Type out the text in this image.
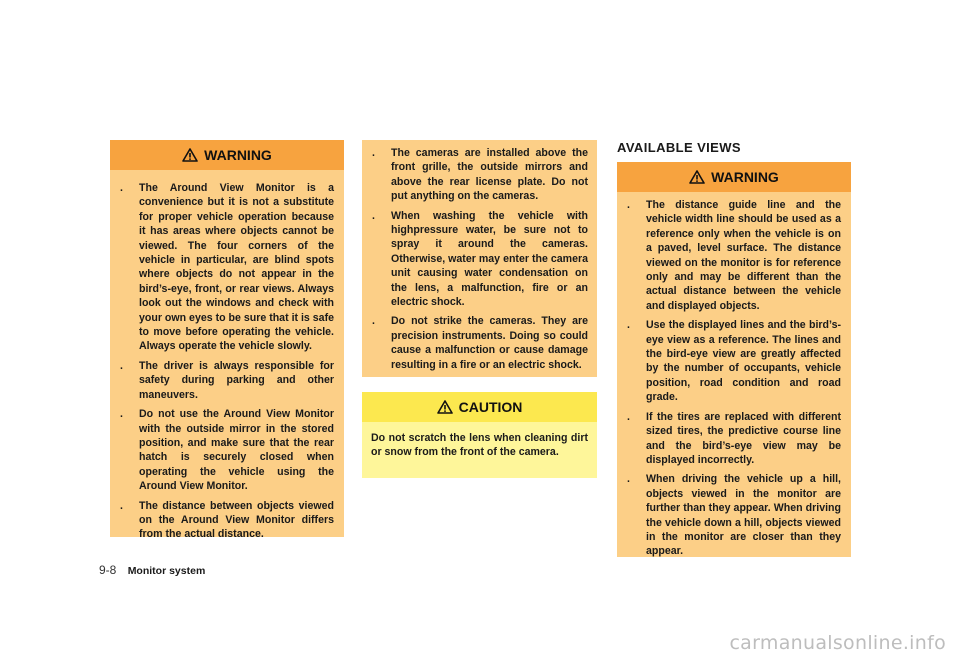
WARNING
. The Around View Monitor is a convenience but it is not a substitute for proper vehicle operation because it has areas where objects cannot be viewed. The four corners of the vehicle in particular, are blind spots where objects do not appear in the bird’s-eye, front, or rear views. Always look out the windows and check with your own eyes to be sure that it is safe to move before operating the vehicle. Always operate the vehicle slowly.
. The driver is always responsible for safety during parking and other maneuvers.
. Do not use the Around View Monitor with the outside mirror in the stored position, and make sure that the rear hatch is securely closed when operating the vehicle using the Around View Monitor.
. The distance between objects viewed on the Around View Monitor differs from the actual distance.
. The cameras are installed above the front grille, the outside mirrors and above the rear license plate. Do not put anything on the cameras.
. When washing the vehicle with highpressure water, be sure not to spray it around the cameras. Otherwise, water may enter the camera unit causing water condensation on the lens, a malfunction, fire or an electric shock.
. Do not strike the cameras. They are precision instruments. Doing so could cause a malfunction or cause damage resulting in a fire or an electric shock.
CAUTION
Do not scratch the lens when cleaning dirt or snow from the front of the camera.
AVAILABLE VIEWS
WARNING
. The distance guide line and the vehicle width line should be used as a reference only when the vehicle is on a paved, level surface. The distance viewed on the monitor is for reference only and may be different than the actual distance between the vehicle and displayed objects.
. Use the displayed lines and the bird’s-eye view as a reference. The lines and the bird-eye view are greatly affected by the number of occupants, vehicle position, road condition and road grade.
. If the tires are replaced with different sized tires, the predictive course line and the bird’s-eye view may be displayed incorrectly.
. When driving the vehicle up a hill, objects viewed in the monitor are further than they appear. When driving the vehicle down a hill, objects viewed in the monitor are closer than they appear.
9-8 Monitor system
carmanualsonline.info
